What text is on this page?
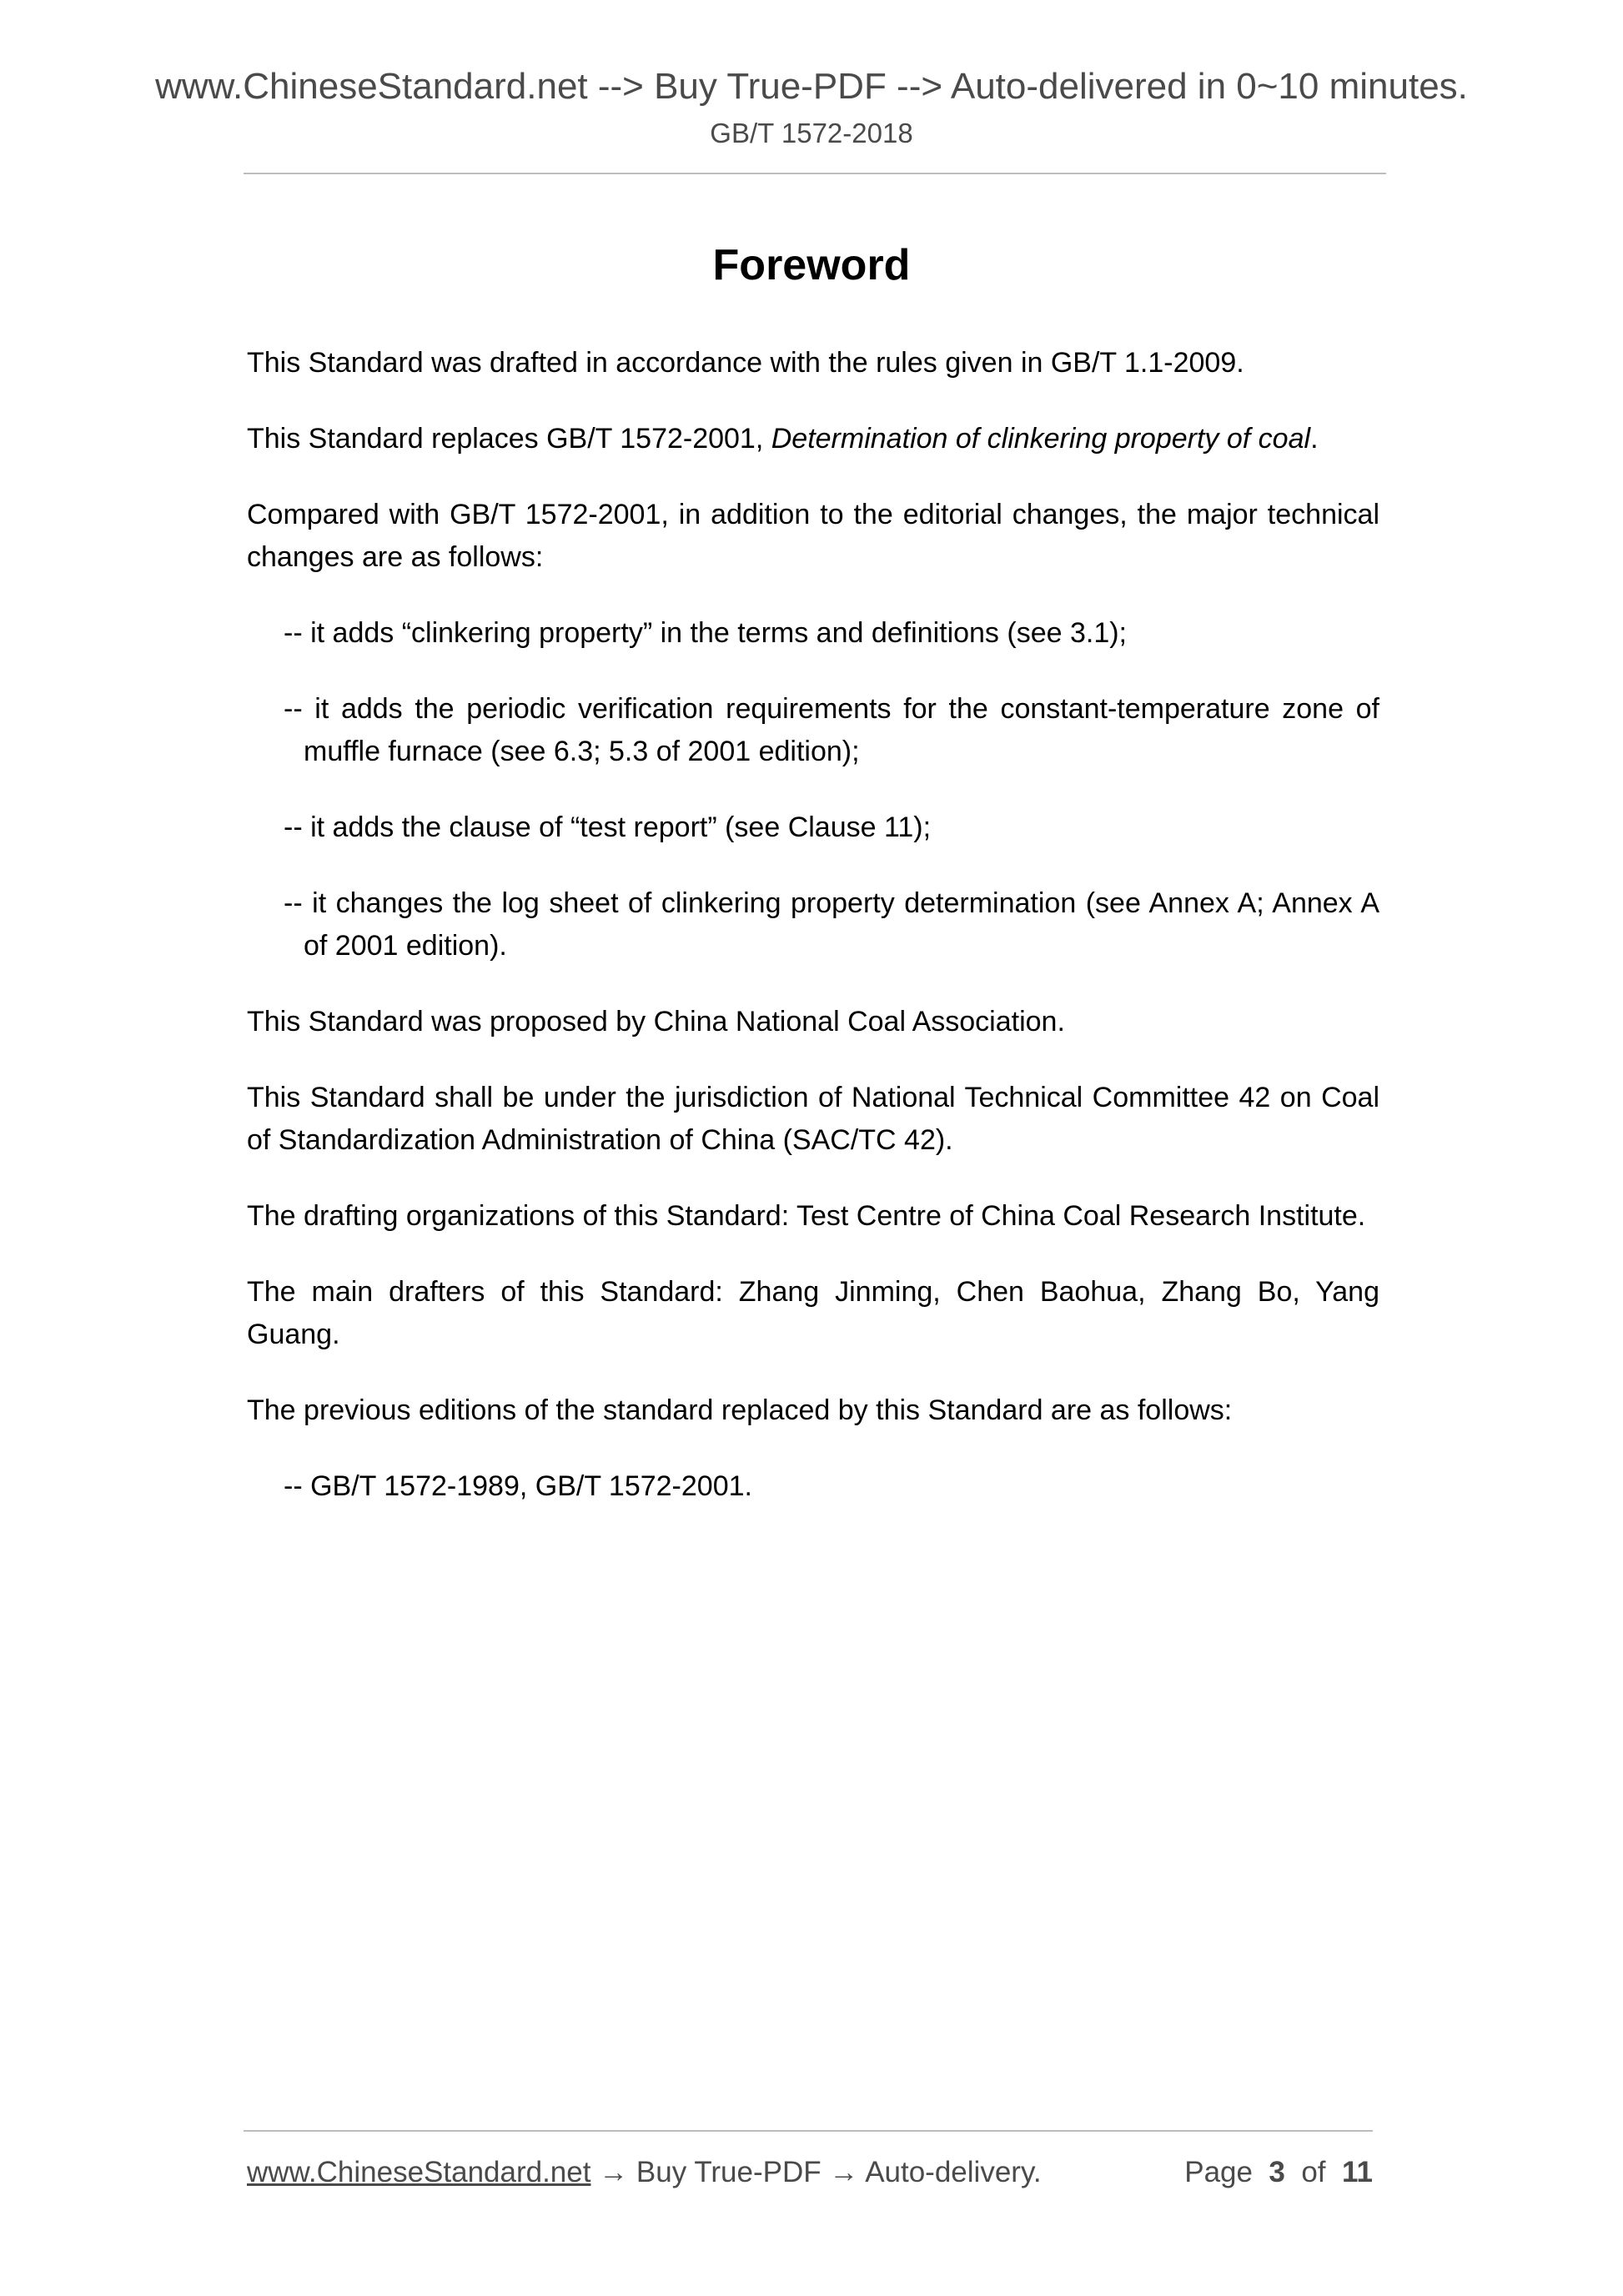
www.ChineseStandard.net --> Buy True-PDF --> Auto-delivered in 0~10 minutes.
GB/T 1572-2018
Foreword

This Standard was drafted in accordance with the rules given in GB/T 1.1-2009.

This Standard replaces GB/T 1572-2001, Determination of clinkering property of coal.

Compared with GB/T 1572-2001, in addition to the editorial changes, the major technical changes are as follows:

-- it adds “clinkering property” in the terms and definitions (see 3.1);

-- it adds the periodic verification requirements for the constant-temperature zone of muffle furnace (see 6.3; 5.3 of 2001 edition);

-- it adds the clause of “test report” (see Clause 11);

-- it changes the log sheet of clinkering property determination (see Annex A; Annex A of 2001 edition).

This Standard was proposed by China National Coal Association.

This Standard shall be under the jurisdiction of National Technical Committee 42 on Coal of Standardization Administration of China (SAC/TC 42).

The drafting organizations of this Standard: Test Centre of China Coal Research Institute.

The main drafters of this Standard: Zhang Jinming, Chen Baohua, Zhang Bo, Yang Guang.

The previous editions of the standard replaced by this Standard are as follows:

-- GB/T 1572-1989, GB/T 1572-2001.

www.ChineseStandard.net → Buy True-PDF → Auto-delivery.	Page 3 of 11
